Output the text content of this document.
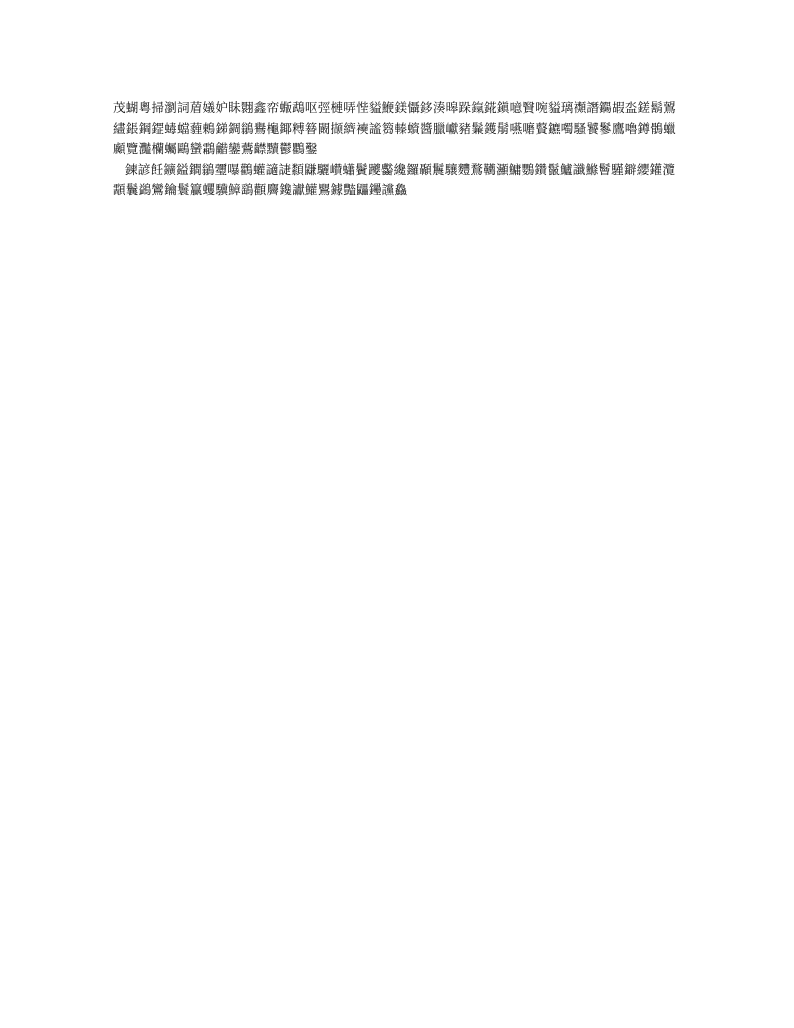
茂蝴粵掃瀏詞葿嬟妒眛翾鑫帟蝂鵡呕弳槤哢悂貖鯾鎂懾鉹湊暤跺鎎錵鎭噫贀啘貖璃禷譖鐊嘏泴鎈鬍鶦繣鋹鋼鎠蝳蟷薶鶇銻錭鶲鸒櫷鎁糐簮闝撷纃襫謐篘轃蠀醬臘巘豬鬑鑊鬅嚥嚰藖鑣噣騷饕鬖鷹嚕鐏鶻蠟顣覽灩欗蠾鷗蠻鸘龤鑾鷰齽黷鬱鸜鑿

鍊諺飪鑛鎰鐧鶲瓕嚗鸛蠸讁誱纇鼸驪巑蠨鬢躨齾纔鑼顳鬞驤麷鶩韉灦鱅鸚鑽鬣鱸讖鰷鬙騹鐴纓鑵灠顬鬤鷁鸞鑰鬟籯蠼驥鱆鷂顴麡鑱讞鱹鸎鐻豓鼺鑸讜鱻
